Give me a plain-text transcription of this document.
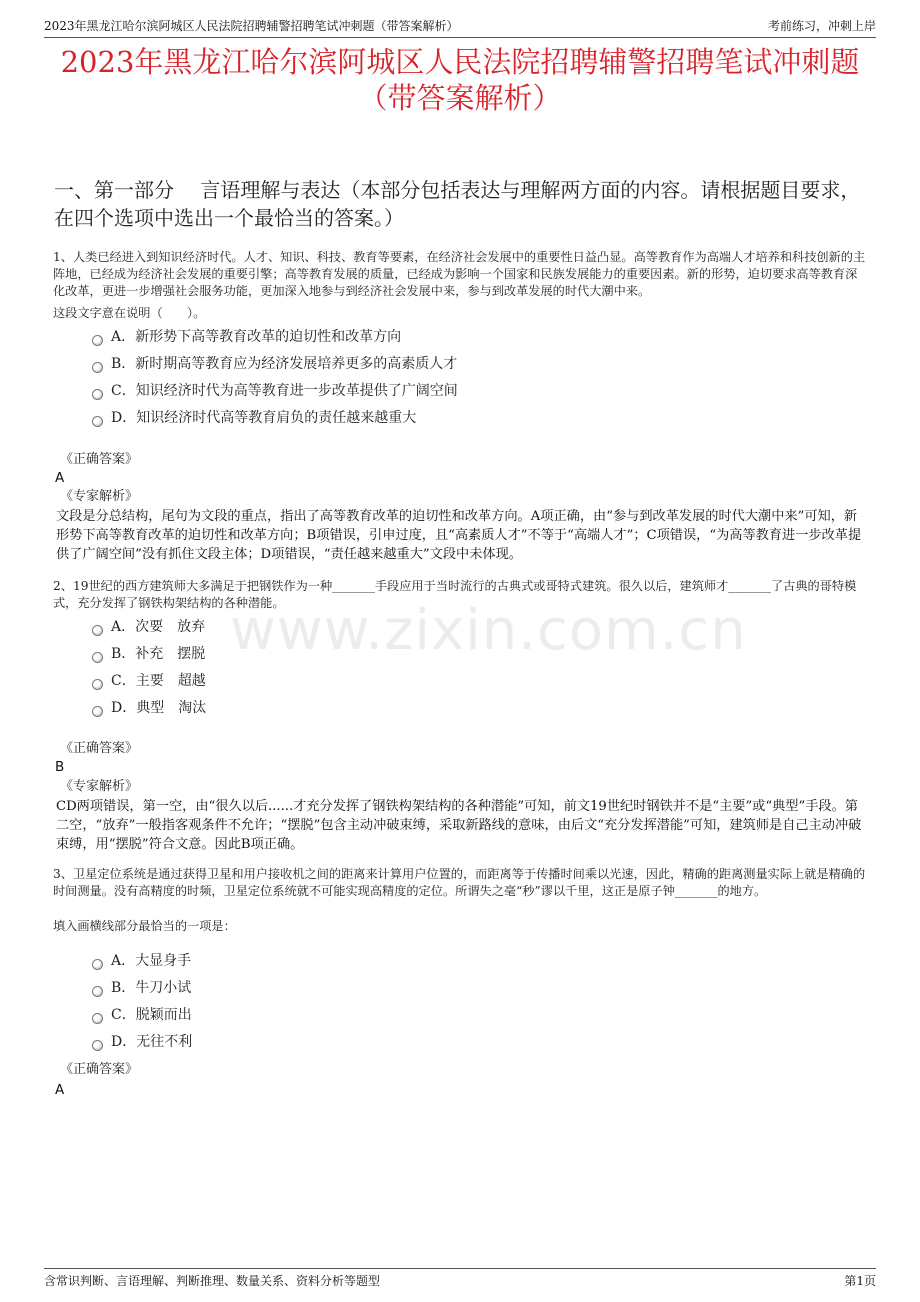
2023年黑龙江哈尔滨阿城区人民法院招聘辅警招聘笔试冲刺题（带答案解析）	考前练习，冲刺上岸
www.zixin.com.cn
2023年黑龙江哈尔滨阿城区人民法院招聘辅警招聘笔试冲刺题
（带答案解析）
一、第一部分　 言语理解与表达（本部分包括表达与理解两方面的内容。请根据题目要求，在四个选项中选出一个最恰当的答案。）
1、人类已经进入到知识经济时代。人才、知识、科技、教育等要素，在经济社会发展中的重要性日益凸显。高等教育作为高端人才培养和科技创新的主阵地，已经成为经济社会发展的重要引擎；高等教育发展的质量，已经成为影响一个国家和民族发展能力的重要因素。新的形势，迫切要求高等教育深化改革，更进一步增强社会服务功能，更加深入地参与到经济社会发展中来，参与到改革发展的时代大潮中来。
这段文字意在说明（　　）。
A．新形势下高等教育改革的迫切性和改革方向
B．新时期高等教育应为经济发展培养更多的高素质人才
C．知识经济时代为高等教育进一步改革提供了广阔空间
D．知识经济时代高等教育肩负的责任越来越重大
《正确答案》
A
《专家解析》
文段是分总结构，尾句为文段的重点，指出了高等教育改革的迫切性和改革方向。A项正确，由“参与到改革发展的时代大潮中来”可知，新形势下高等教育改革的迫切性和改革方向；B项错误，引申过度，且“高素质人才”不等于“高端人才”；C项错误，“为高等教育进一步改革提供了广阔空间”没有抓住文段主体；D项错误，“责任越来越重大”文段中未体现。
2、19世纪的西方建筑师大多满足于把钢铁作为一种_______手段应用于当时流行的古典式或哥特式建筑。很久以后，建筑师才_______了古典的哥特模式，充分发挥了钢铁构架结构的各种潜能。
A．次要　放弃
B．补充　摆脱
C．主要　超越
D．典型　淘汰
《正确答案》
B
《专家解析》
CD两项错误，第一空，由“很久以后......才充分发挥了钢铁构架结构的各种潜能”可知，前文19世纪时钢铁并不是“主要”或“典型”手段。第二空，“放弃”一般指客观条件不允许；“摆脱”包含主动冲破束缚，采取新路线的意味，由后文“充分发挥潜能”可知，建筑师是自己主动冲破束缚，用“摆脱”符合文意。因此B项正确。
3、卫星定位系统是通过获得卫星和用户接收机之间的距离来计算用户位置的，而距离等于传播时间乘以光速，因此，精确的距离测量实际上就是精确的时间测量。没有高精度的时频，卫星定位系统就不可能实现高精度的定位。所谓失之毫“秒”谬以千里，这正是原子钟_______的地方。
填入画横线部分最恰当的一项是：
A．大显身手
B．牛刀小试
C．脱颖而出
D．无往不利
《正确答案》
A
含常识判断、言语理解、判断推理、数量关系、资料分析等题型	第1页
